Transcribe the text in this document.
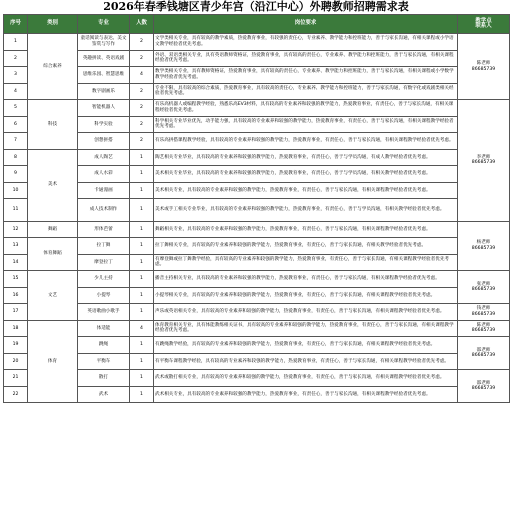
2026年春季钱塘区青少年宫（沿江中心）外聘教师招聘需求表
序号	类别	专业	人数	岗位要求	教学点
联系人	
1	综合素养	童话阅读与表达、美文鉴赏与写作	2	文学类相关专业，具有较高的教学素质，热爱教育事业，有较强的责任心，专业素养、教学能力和控班能力，善于与家长沟通，有相关课程或小学语文教学经验者优先考虑。	陈老师
86685739	
2		英趣拼读、英语戏剧	2	外语、双语类相关专业，具有英语教师资格证，热爱教育事业，具有较高的责任心，专业素养、教学能力和控班能力，善于与家长沟通，有相关课程经验者优先考虑。		
3		思维乐园、智慧思维	4	数学类相关专业，具有教师资格证，热爱教育事业，具有较高的责任心，专业素养、教学能力和控班能力，善于与家长沟通，有相关课程或小学数学教学经验者优先考虑。		
4		数字剧画乐	2	专业不限，具有较高的综合素质，热爱教育事业，具有较高的责任心，专业素养、教学能力和控班能力，善于与家长沟通，有数字化或戏剧类相关经验者优先考虑。		
5	科技	智能机器人	2	有乐高机器人或编程教学经验，熟悉乐高EV3材料，具有较高的专业素养和较强的教学能力，热爱教育事业，有责任心，善于与家长沟通，有相关课程经验者优先考虑。	李老师
86685739	
6		科学实验	2	科学相关专业毕业优先，动手能力强，具有较高的专业素养和较强的教学能力，热爱教育事业，有责任心，善于与家长沟通，有相关课程教学经验者优先考虑。		
7		创想拼搭	2	有乐高拼搭课程教学经验，具有较高的专业素养和较强的教学能力，热爱教育事业，有责任心，善于与家长沟通，有相关课程教学经验者优先考虑。		
8	美术	成人陶艺	1	陶艺相关专业毕业，具有较高的专业素养和较强的教学能力，热爱教育事业，有责任心，善于与学员沟通，有成人教学经验者优先考虑。		
9		成人水彩	1	美术相关专业毕业，具有较高的专业素养和较强的教学能力，热爱教育事业，有责任心，善于与学员沟通，有相关教学经验者优先考虑。		
10		卡通漫画	1	美术相关专业，具有较高的专业素养和较强的教学能力，热爱教育事业，有责任心，善于与家长沟通，有相关课程教学经验者优先考虑。		
11		成人技术制作	1	美术或手工相关专业毕业，具有较高的专业素养和较强的教学能力，热爱教育事业，有责任心，善于与学员沟通，有相关教学经验者优先考虑。	
12	舞蹈	形体芭蕾	1	舞蹈相关专业，具有较高的专业素养和较强的教学能力，热爱教育事业，有责任心，善于与家长沟通，有相关课程教学经验者优先考虑。	杨老师
86685739	
13	体育舞蹈	拉丁舞	1	拉丁舞相关专业，具有较高的专业素养和较强的教学能力，热爱教育事业，有责任心，善于与家长沟通，有相关教学经验者优先考虑。		
14		摩登拉丁	1	有摩登舞或拉丁舞教学经验，具有较高的专业素养和较强的教学能力，热爱教育事业，有责任心，善于与家长沟通，有相关课程教学经验者优先考虑。		
15	文艺	少儿主持	1	播音主持相关专业，具有较高的专业素养和较强的教学能力，热爱教育事业，有责任心，善于与家长沟通，有相关课程教学经验者优先考虑。	张老师
86685739	
16		小提琴	1	小提琴相关专业，具有较高的专业素养和较强的教学能力，热爱教育事业，有责任心，善于与家长沟通，有相关课程教学经验者优先考虑。		
17		英语歌曲小歌手	1	声乐或英语相关专业，具有较高的专业素养和较强的教学能力，热爱教育事业，有责任心，善于与家长沟通，有相关课程教学经验者优先考虑。	钱老师
86685739	
18	体育	体适能	4	体育教育相关专业，具有体能教练相关证书，具有较高的专业素养和较强的教学能力，热爱教育事业，有责任心，善于与家长沟通，有相关课程教学经验者优先考虑。	陈老师
86685739	
19		跳绳	1	有跳绳教学经验，具有较高的专业素养和较强的教学能力，热爱教育事业，有责任心，善于与家长沟通，有相关课程教学经验者优先考虑。	邵老师
86685739	
20		平衡车	1	有平衡车课程教学经验，具有较高的专业素养和较强的教学能力，热爱教育事业，有责任心，善于与家长沟通，有相关课程教学经验者优先考虑。		
21		散打	1	武术或散打相关专业，具有较高的专业素养和较强的教学能力，热爱教育事业，有责任心，善于与家长沟通，有相关课程教学经验者优先考虑。	邵老师
86685739	
22		武术	1	武术相关专业，具有较高的专业素养和较强的教学能力，热爱教育事业，有责任心，善于与家长沟通，有相关课程教学经验者优先考虑。		
